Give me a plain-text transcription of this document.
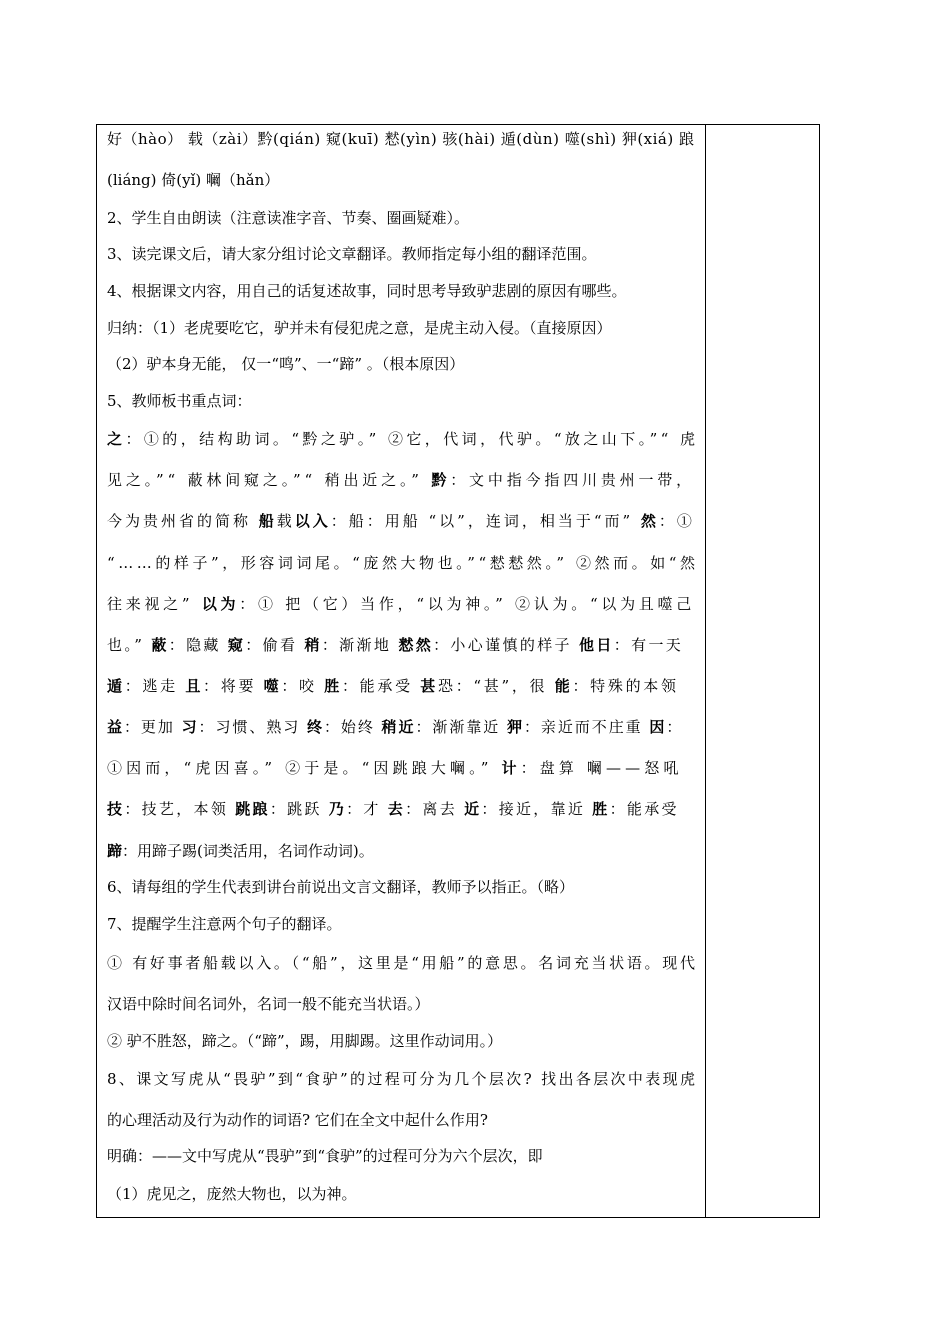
好（hào） 载（zài）黔(qián) 窥(kuī) 慭(yìn) 骇(hài) 遁(dùn) 噬(shì) 狎(xiá) 踉
(liáng) 倚(yǐ) 㘎（hǎn）
2、学生自由朗读（注意读准字音、节奏、圈画疑难）。
3、读完课文后，请大家分组讨论文章翻译。教师指定每小组的翻译范围。
4、根据课文内容，用自己的话复述故事，同时思考导致驴悲剧的原因有哪些。
归纳：（1）老虎要吃它，驴并未有侵犯虎之意，是虎主动入侵。（直接原因）
（2）驴本身无能， 仅一“鸣”、一“蹄” 。（根本原因）
5、教师板书重点词：
之：①的，结构助词。“黔之驴。” ②它，代词，代驴。“放之山下。”“ 虎
见之。”“ 蔽林间窥之。”“ 稍出近之。” 黔：文中指今指四川贵州一带，
今为贵州省的简称 船载以入：船：用船 “以”，连词，相当于“而” 然：①
“……的样子”，形容词词尾。“庞然大物也。”“慭慭然。” ②然而。如“然
往来视之” 以为：① 把（它）当作，“以为神。” ②认为。“以为且噬己
也。” 蔽：隐藏 窥：偷看 稍：渐渐地 慭然：小心谨慎的样子 他日：有一天
遁：逃走 且：将要 噬：咬 胜：能承受 甚恐：“甚”，很 能：特殊的本领
益：更加 习：习惯、熟习 终：始终 稍近：渐渐靠近 狎：亲近而不庄重 因：
①因而，“虎因喜。” ②于是。“因跳踉大㘎。” 计：盘算 㘎——怒吼
技：技艺，本领 跳踉：跳跃 乃：才 去：离去 近：接近，靠近 胜：能承受
蹄：用蹄子踢(词类活用，名词作动词)。
6、请每组的学生代表到讲台前说出文言文翻译，教师予以指正。（略）
7、提醒学生注意两个句子的翻译。
① 有好事者船载以入。（“船”，这里是“用船”的意思。名词充当状语。现代
汉语中除时间名词外，名词一般不能充当状语。）
② 驴不胜怒，蹄之。（“蹄”，踢，用脚踢。这里作动词用。）
8、课文写虎从“畏驴”到“食驴”的过程可分为几个层次? 找出各层次中表现虎
的心理活动及行为动作的词语? 它们在全文中起什么作用?
明确：——文中写虎从“畏驴”到“食驴”的过程可分为六个层次，即
（1）虎见之，庞然大物也，以为神。
